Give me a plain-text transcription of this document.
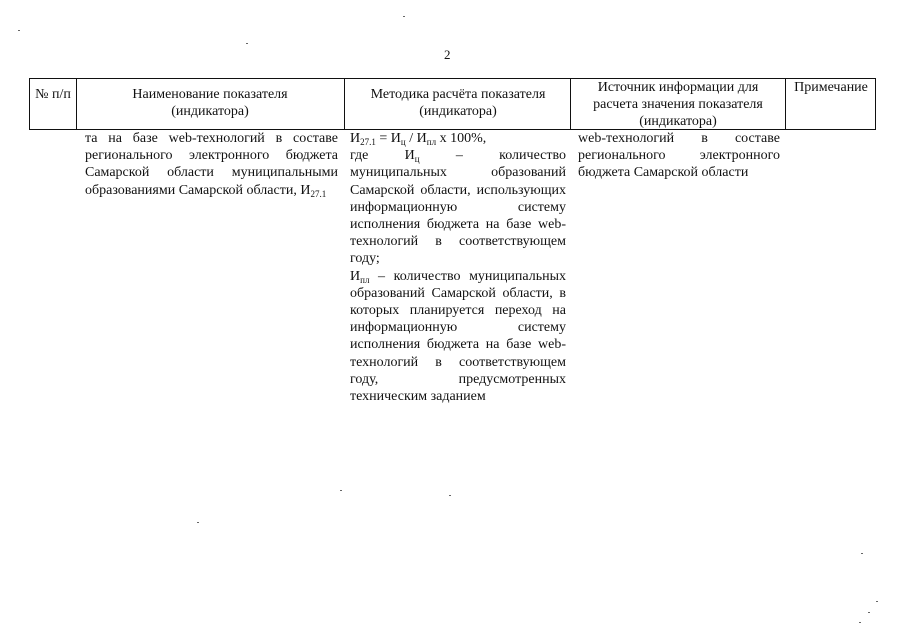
2
№ п/п	Наименование показателя (индикатора)
Методика расчёта показателя (индикатора)
Источник информации для расчета значения показателя (индикатора)
Примечание

та на базе web-технологий в составе регионального электронного бюджета Самарской области муниципальными образованиями Самарской области, $И_{27.1}$

$И_{27.1} = И_ц / И_{пл}$ х 100%,

где $И_ц$ – количество муниципальных образований Самарской области, использующих информационную систему исполнения бюджета на базе web-технологий в соответствующем году;

$И_{пл}$ – количество муниципальных образований Самарской области, в которых планируется переход на информационную систему исполнения бюджета на базе web-технологий в соответствующем году, предусмотренных техническим заданием

web-технологий в составе регионального электронного бюджета Самарской области
